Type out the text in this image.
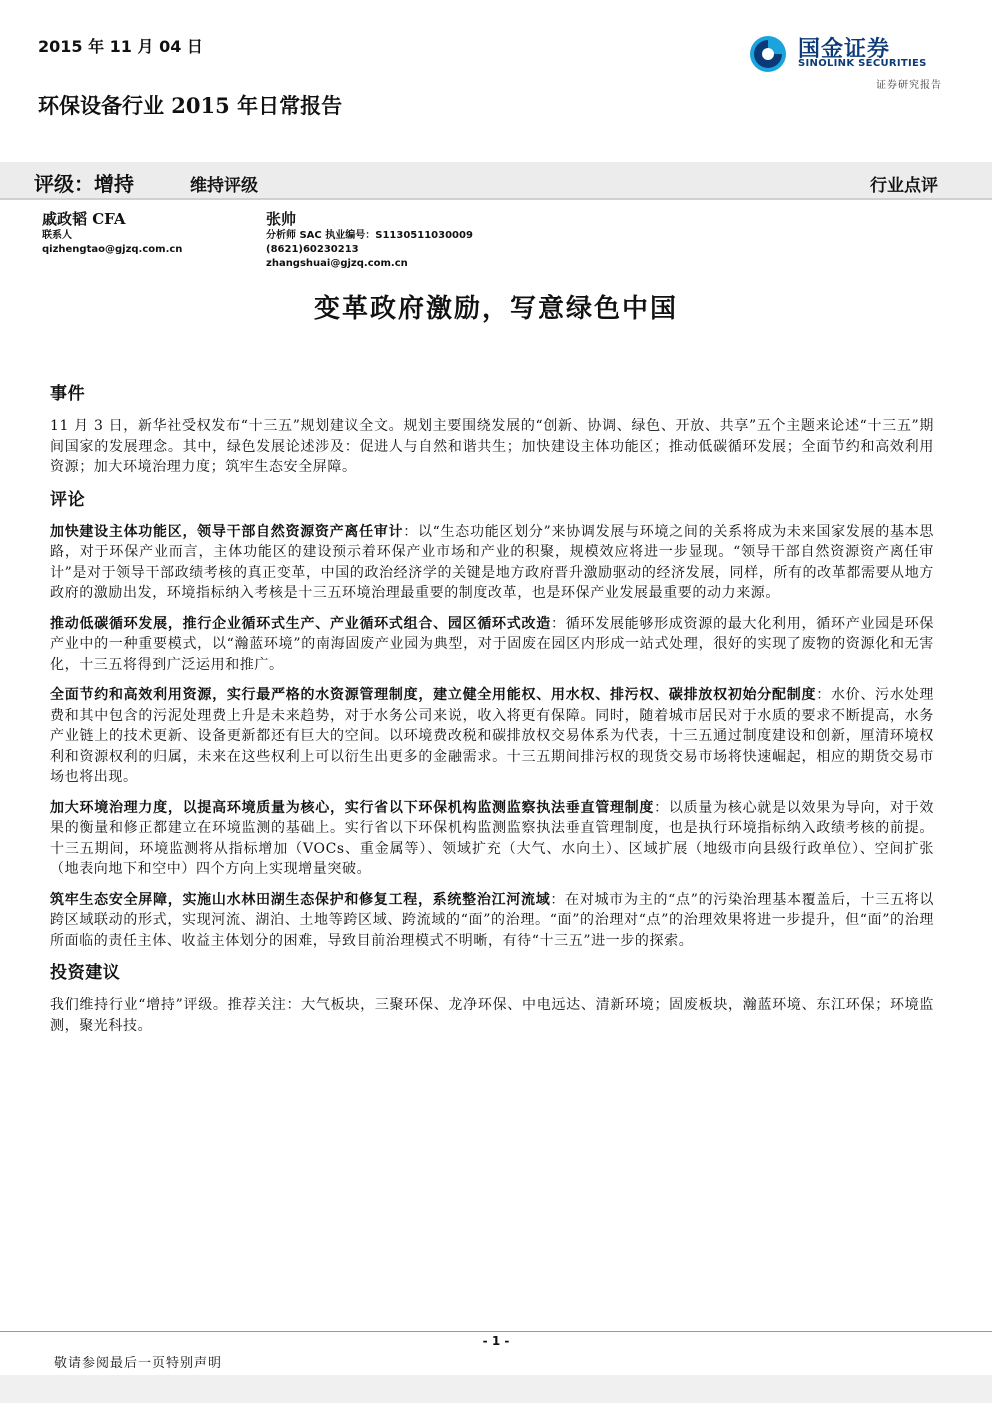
2015 年 11 月 04 日	国金证券
SINOLINK SECURITIES
证券研究报告
环保设备行业 2015 年日常报告
评级：增持	维持评级	行业点评
戚政韬 CFA
联系人
qizhengtao@gjzq.com.cn
张帅
分析师 SAC 执业编号：S1130511030009
(8621)60230213
zhangshuai@gjzq.com.cn
变革政府激励，写意绿色中国
事件

11 月 3 日，新华社受权发布“十三五”规划建议全文。规划主要围绕发展的“创新、协调、绿色、开放、共享”五个主题来论述“十三五”期间国家的发展理念。其中，绿色发展论述涉及：促进人与自然和谐共生；加快建设主体功能区；推动低碳循环发展；全面节约和高效利用资源；加大环境治理力度；筑牢生态安全屏障。

评论

加快建设主体功能区，领导干部自然资源资产离任审计：以“生态功能区划分”来协调发展与环境之间的关系将成为未来国家发展的基本思路，对于环保产业而言，主体功能区的建设预示着环保产业市场和产业的积聚，规模效应将进一步显现。“领导干部自然资源资产离任审计”是对于领导干部政绩考核的真正变革，中国的政治经济学的关键是地方政府晋升激励驱动的经济发展，同样，所有的改革都需要从地方政府的激励出发，环境指标纳入考核是十三五环境治理最重要的制度改革，也是环保产业发展最重要的动力来源。

推动低碳循环发展，推行企业循环式生产、产业循环式组合、园区循环式改造：循环发展能够形成资源的最大化利用，循环产业园是环保产业中的一种重要模式，以“瀚蓝环境”的南海固废产业园为典型，对于固废在园区内形成一站式处理，很好的实现了废物的资源化和无害化，十三五将得到广泛运用和推广。

全面节约和高效利用资源，实行最严格的水资源管理制度，建立健全用能权、用水权、排污权、碳排放权初始分配制度：水价、污水处理费和其中包含的污泥处理费上升是未来趋势，对于水务公司来说，收入将更有保障。同时，随着城市居民对于水质的要求不断提高，水务产业链上的技术更新、设备更新都还有巨大的空间。以环境费改税和碳排放权交易体系为代表，十三五通过制度建设和创新，厘清环境权利和资源权利的归属，未来在这些权利上可以衍生出更多的金融需求。十三五期间排污权的现货交易市场将快速崛起，相应的期货交易市场也将出现。

加大环境治理力度，以提高环境质量为核心，实行省以下环保机构监测监察执法垂直管理制度：以质量为核心就是以效果为导向，对于效果的衡量和修正都建立在环境监测的基础上。实行省以下环保机构监测监察执法垂直管理制度，也是执行环境指标纳入政绩考核的前提。十三五期间，环境监测将从指标增加（VOCs、重金属等）、领域扩充（大气、水向土）、区域扩展（地级市向县级行政单位）、空间扩张（地表向地下和空中）四个方向上实现增量突破。

筑牢生态安全屏障，实施山水林田湖生态保护和修复工程，系统整治江河流域：在对城市为主的“点”的污染治理基本覆盖后，十三五将以跨区域联动的形式，实现河流、湖泊、土地等跨区域、跨流域的“面”的治理。“面”的治理对“点”的治理效果将进一步提升，但“面”的治理所面临的责任主体、收益主体划分的困难，导致目前治理模式不明晰，有待“十三五”进一步的探索。

投资建议

我们维持行业“增持”评级。推荐关注：大气板块，三聚环保、龙净环保、中电远达、清新环境；固废板块，瀚蓝环境、东江环保；环境监测，聚光科技。

- 1 -
敬请参阅最后一页特别声明
